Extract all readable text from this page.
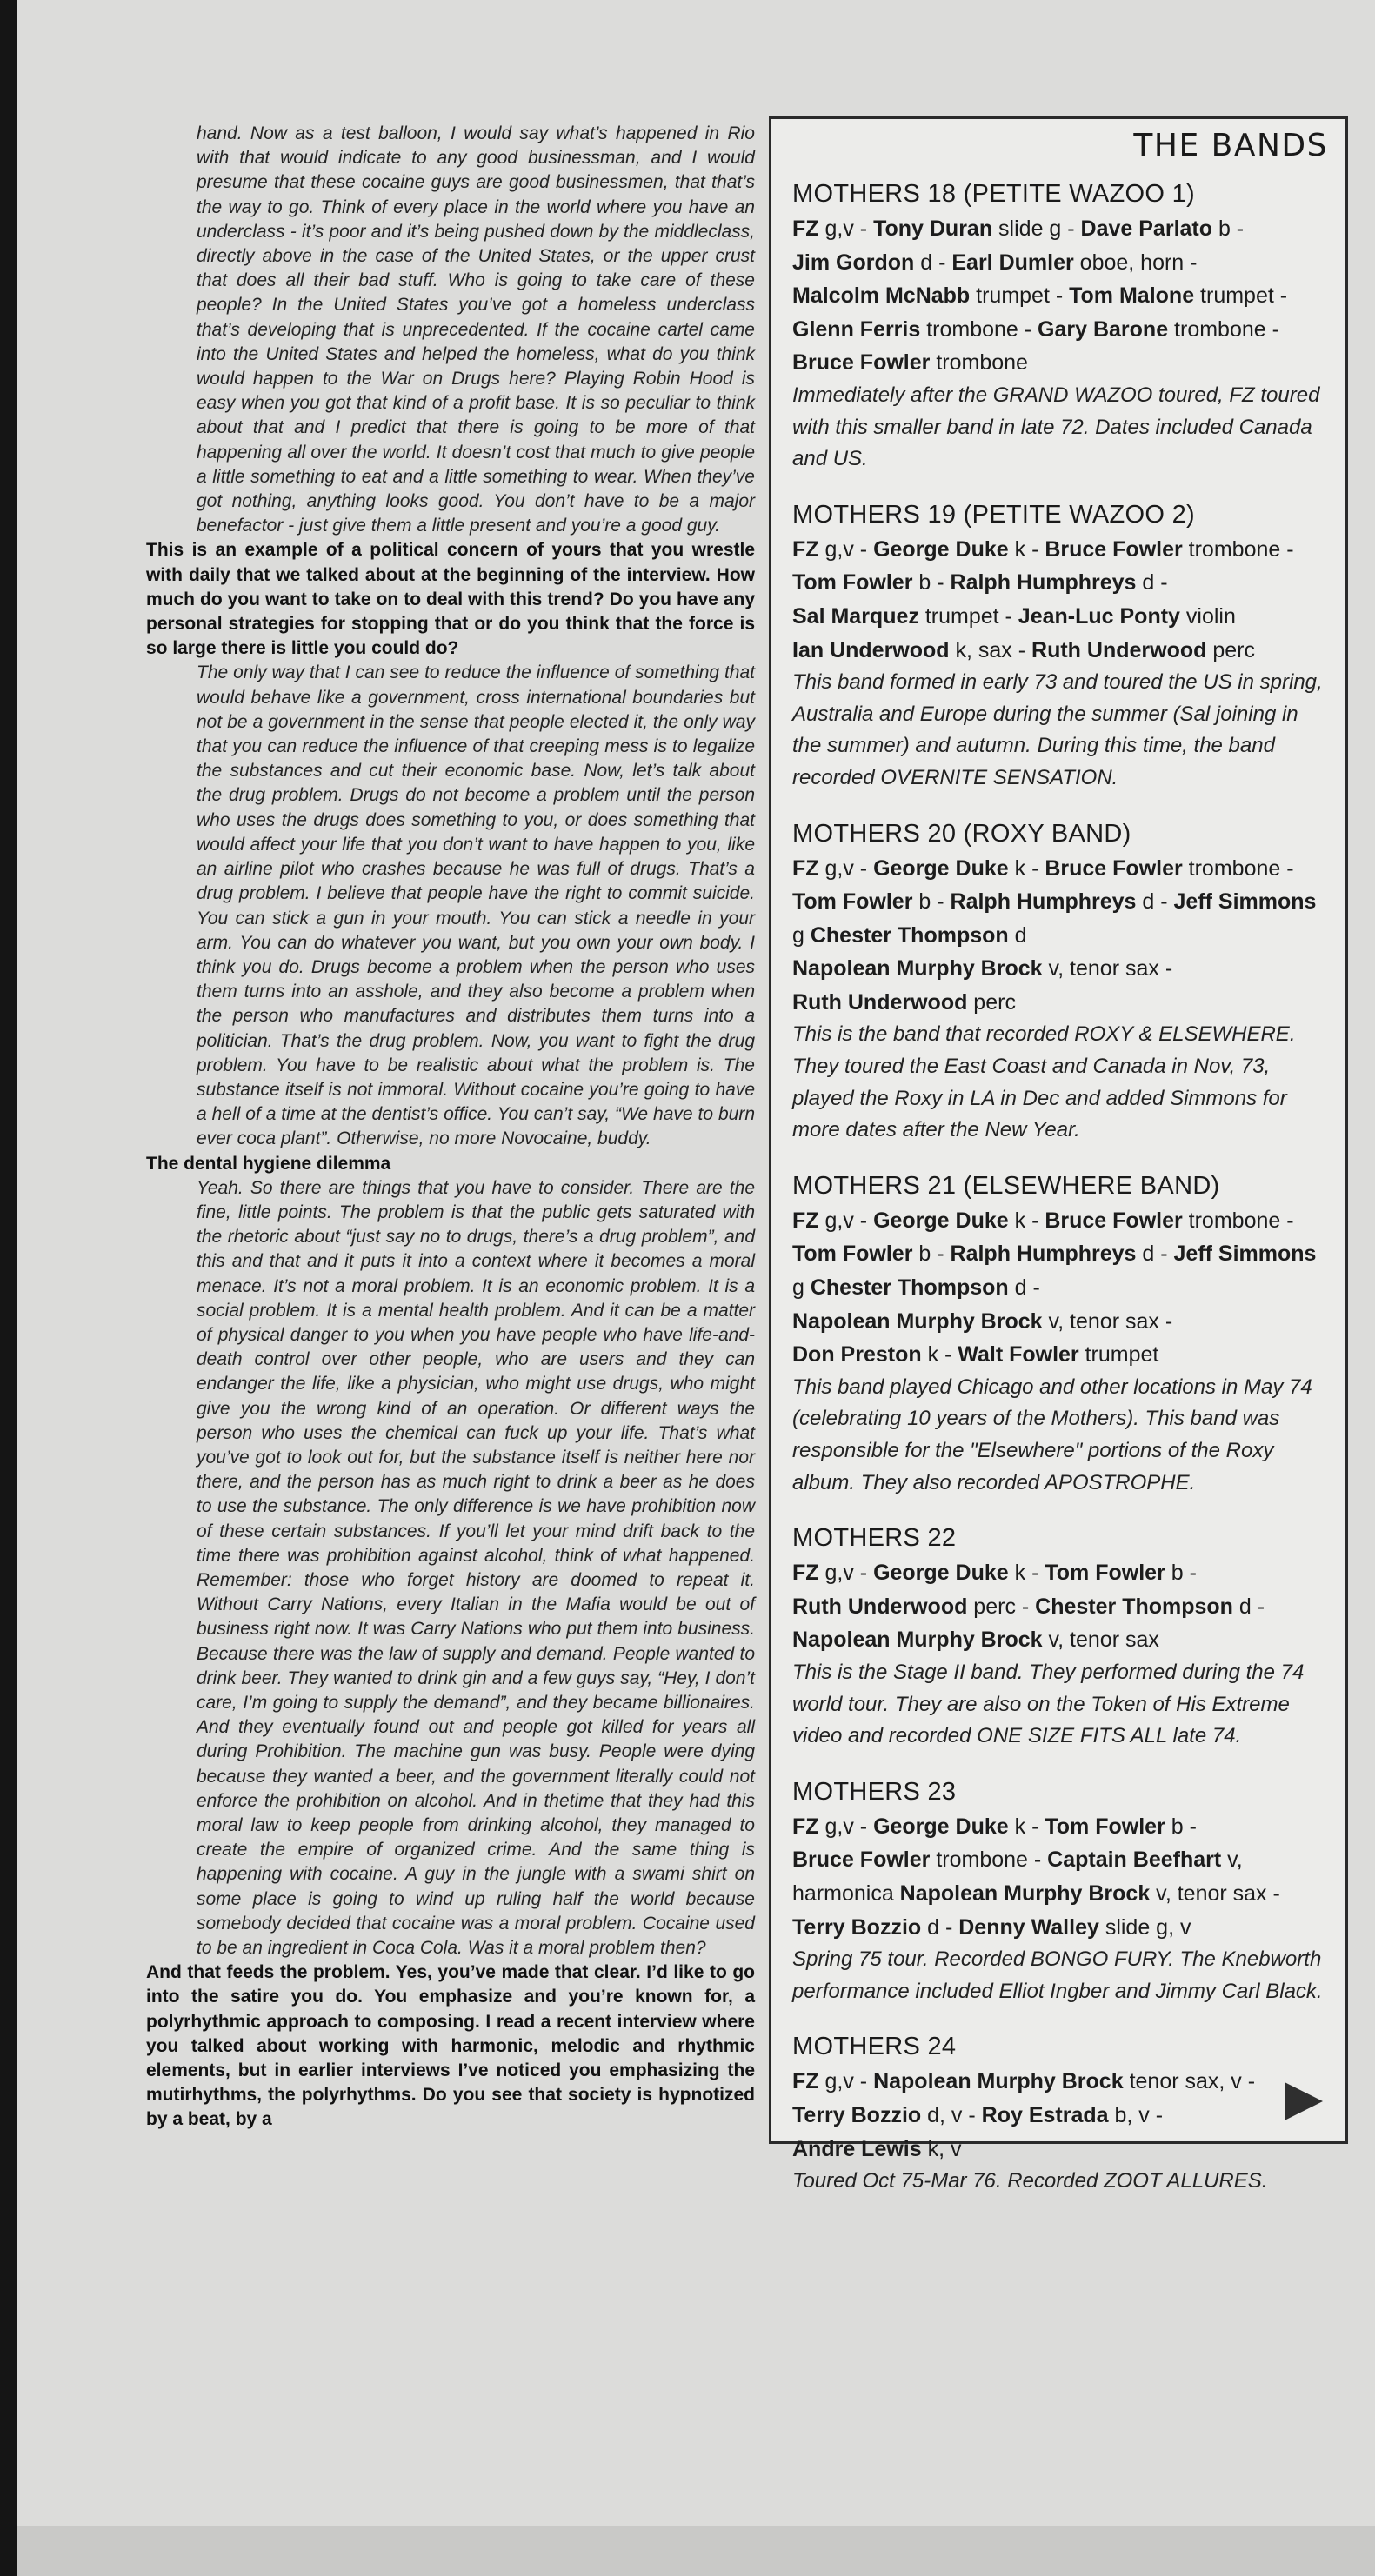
hand. Now as a test balloon, I would say what’s happened in Rio with that would indicate to any good businessman, and I would presume that these cocaine guys are good businessmen, that that’s the way to go. Think of every place in the world where you have an underclass - it’s poor and it’s being pushed down by the middleclass, directly above in the case of the United States, or the upper crust that does all their bad stuff. Who is going to take care of these people? In the United States you’ve got a homeless underclass that’s developing that is unprecedented. If the cocaine cartel came into the United States and helped the homeless, what do you think would happen to the War on Drugs here? Playing Robin Hood is easy when you got that kind of a profit base. It is so peculiar to think about that and I predict that there is going to be more of that happening all over the world. It doesn’t cost that much to give people a little something to eat and a little something to wear. When they’ve got nothing, anything looks good. You don’t have to be a major benefactor - just give them a little present and you’re a good guy.

This is an example of a political concern of yours that you wrestle with daily that we talked about at the beginning of the interview. How much do you want to take on to deal with this trend? Do you have any personal strategies for stopping that or do you think that the force is so large there is little you could do?

The only way that I can see to reduce the influence of something that would behave like a government, cross international boundaries but not be a government in the sense that people elected it, the only way that you can reduce the influence of that creeping mess is to legalize the substances and cut their economic base. Now, let’s talk about the drug problem. Drugs do not become a problem until the person who uses the drugs does something to you, or does something that would affect your life that you don’t want to have happen to you, like an airline pilot who crashes because he was full of drugs. That’s a drug problem. I believe that people have the right to commit suicide. You can stick a gun in your mouth. You can stick a needle in your arm. You can do whatever you want, but you own your own body. I think you do. Drugs become a problem when the person who uses them turns into an asshole, and they also become a problem when the person who manufactures and distributes them turns into a politician. That’s the drug problem. Now, you want to fight the drug problem. You have to be realistic about what the problem is. The substance itself is not immoral. Without cocaine you’re going to have a hell of a time at the dentist’s office. You can’t say, “We have to burn ever coca plant”. Otherwise, no more Novocaine, buddy.

The dental hygiene dilemma

Yeah. So there are things that you have to consider. There are the fine, little points. The problem is that the public gets saturated with the rhetoric about “just say no to drugs, there’s a drug problem”, and this and that and it puts it into a context where it becomes a moral menace. It’s not a moral problem. It is an economic problem. It is a social problem. It is a mental health problem. And it can be a matter of physical danger to you when you have people who have life-and-death control over other people, who are users and they can endanger the life, like a physician, who might use drugs, who might give you the wrong kind of an operation. Or different ways the person who uses the chemical can fuck up your life. That’s what you’ve got to look out for, but the substance itself is neither here nor there, and the person has as much right to drink a beer as he does to use the substance. The only difference is we have prohibition now of these certain substances. If you’ll let your mind drift back to the time there was prohibition against alcohol, think of what happened. Remember: those who forget history are doomed to repeat it. Without Carry Nations, every Italian in the Mafia would be out of business right now. It was Carry Nations who put them into business. Because there was the law of supply and demand. People wanted to drink beer. They wanted to drink gin and a few guys say, “Hey, I don’t care, I’m going to supply the demand”, and they became billionaires. And they eventually found out and people got killed for years all during Prohibition. The machine gun was busy. People were dying because they wanted a beer, and the government literally could not enforce the prohibition on alcohol. And in thetime that they had this moral law to keep people from drinking alcohol, they managed to create the empire of organized crime. And the same thing is happening with cocaine. A guy in the jungle with a swami shirt on some place is going to wind up ruling half the world because somebody decided that cocaine was a moral problem. Cocaine used to be an ingredient in Coca Cola. Was it a moral problem then?

And that feeds the problem. Yes, you’ve made that clear. I’d like to go into the satire you do. You emphasize and you’re known for, a polyrhythmic approach to composing. I read a recent interview where you talked about working with harmonic, melodic and rhythmic elements, but in earlier interviews I’ve noticed you emphasizing the mutirhythms, the polyrhythms. Do you see that society is hypnotized by a beat, by a

THE BANDS
MOTHERS 18 (PETITE WAZOO 1)

FZ g,v - Tony Duran slide g - Dave Parlato b -
Jim Gordon d - Earl Dumler oboe, horn -
Malcolm McNabb trumpet - Tom Malone trumpet -
Glenn Ferris trombone - Gary Barone trombone -
Bruce Fowler trombone

Immediately after the GRAND WAZOO toured, FZ toured with this smaller band in late 72. Dates included Canada and US.

MOTHERS 19 (PETITE WAZOO 2)

FZ g,v - George Duke k - Bruce Fowler trombone -
Tom Fowler b - Ralph Humphreys d -
Sal Marquez trumpet - Jean-Luc Ponty violin
Ian Underwood k, sax - Ruth Underwood perc

This band formed in early 73 and toured the US in spring, Australia and Europe during the summer (Sal joining in the summer) and autumn. During this time, the band recorded OVERNITE SENSATION.

MOTHERS 20 (ROXY BAND)

FZ g,v - George Duke k - Bruce Fowler trombone -
Tom Fowler b - Ralph Humphreys d - Jeff Simmons
g Chester Thompson d
Napolean Murphy Brock v, tenor sax -
Ruth Underwood perc

This is the band that recorded ROXY & ELSEWHERE. They toured the East Coast and Canada in Nov, 73, played the Roxy in LA in Dec and added Simmons for more dates after the New Year.

MOTHERS 21 (ELSEWHERE BAND)

FZ g,v - George Duke k - Bruce Fowler trombone -
Tom Fowler b - Ralph Humphreys d - Jeff Simmons
g Chester Thompson d -
Napolean Murphy Brock v, tenor sax -
Don Preston k - Walt Fowler trumpet

This band played Chicago and other locations in May 74 (celebrating 10 years of the Mothers). This band was responsible for the "Elsewhere" portions of the Roxy album. They also recorded APOSTROPHE.

MOTHERS 22

FZ g,v - George Duke k - Tom Fowler b -
Ruth Underwood perc - Chester Thompson d -
Napolean Murphy Brock v, tenor sax

This is the Stage II band. They performed during the 74 world tour. They are also on the Token of His Extreme video and recorded ONE SIZE FITS ALL late 74.

MOTHERS 23

FZ g,v - George Duke k - Tom Fowler b -
Bruce Fowler trombone - Captain Beefhart v, harmonica Napolean Murphy Brock v, tenor sax -
Terry Bozzio d - Denny Walley slide g, v

Spring 75 tour. Recorded BONGO FURY. The Knebworth performance included Elliot Ingber and Jimmy Carl Black.

MOTHERS 24

FZ g,v - Napolean Murphy Brock tenor sax, v -
Terry Bozzio d, v - Roy Estrada b, v -
Andre Lewis k, v

Toured Oct 75-Mar 76. Recorded ZOOT ALLURES.
